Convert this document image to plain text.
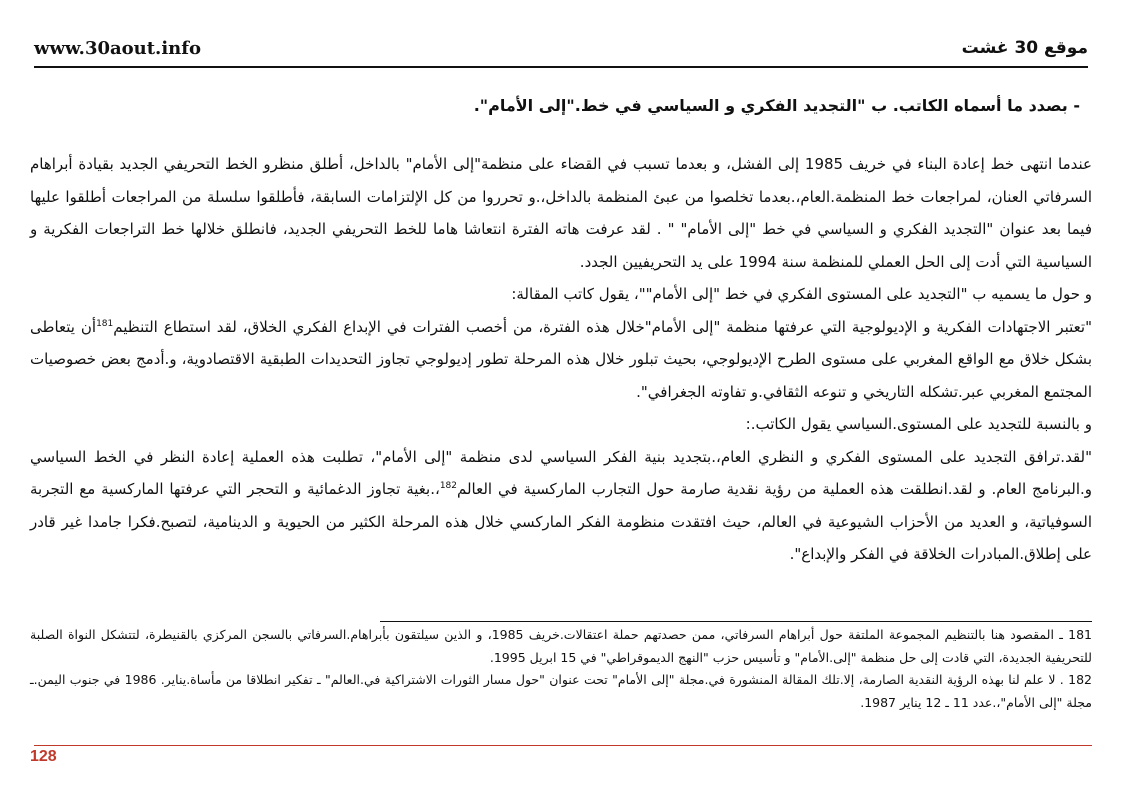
www.30aout.info	موقع 30 غشت

- بصدد ما أسماه الكاتب. ب "التجديد الفكري و السياسي في خط."إلى الأمام".

عندما انتهى خط إعادة البناء في خريف 1985 إلى الفشل، و بعدما تسبب في القضاء على منظمة"إلى الأمام" بالداخل، أطلق منظرو الخط التحريفي الجديد بقيادة أبراهام السرفاتي العنان، لمراجعات خط المنظمة.العام،.بعدما تخلصوا من عبئ المنظمة بالداخل،.و تحرروا من كل الإلتزامات السابقة، فأطلقوا سلسلة من المراجعات أطلقوا عليها فيما بعد عنوان "التجديد الفكري و السياسي في خط "إلى الأمام" " . لقد عرفت هاته الفترة انتعاشا هاما للخط التحريفي الجديد، فانطلق خلالها خط التراجعات الفكرية و السياسية التي أدت إلى الحل العملي للمنظمة سنة 1994 على يد التحريفيين الجدد.

و حول ما يسميه ب "التجديد على المستوى الفكري في خط "إلى الأمام""، يقول كاتب المقالة:

"تعتبر الاجتهادات الفكرية و الإديولوجية التي عرفتها منظمة "إلى الأمام"خلال هذه الفترة، من أخصب الفترات في الإبداع الفكري الخلاق، لقد استطاع التنظيم$^{181}$أن يتعاطى بشكل خلاق مع الواقع المغربي على مستوى الطرح الإديولوجي، بحيث تبلور خلال هذه المرحلة تطور إديولوجي تجاوز التحديدات الطبقية الاقتصادوية، و.أدمج بعض خصوصيات المجتمع المغربي عبر.تشكله التاريخي و تنوعه الثقافي.و تفاوته الجغرافي".

و بالنسبة للتجديد على المستوى.السياسي يقول الكاتب.:

"لقد.ترافق التجديد على المستوى الفكري و النظري العام،.بتجديد بنية الفكر السياسي لدى منظمة "إلى الأمام"، تطلبت هذه العملية إعادة النظر في الخط السياسي و.البرنامج العام. و لقد.انطلقت هذه العملية من رؤية نقدية صارمة حول التجارب الماركسية في العالم$^{182}$،.بغية تجاوز الدغمائية و التحجر التي عرفتها الماركسية مع التجربة السوفياتية، و العديد من الأحزاب الشيوعية في العالم، حيث افتقدت منظومة الفكر الماركسي خلال هذه المرحلة الكثير من الحيوية و الدينامية، لتصبح.فكرا جامدا غير قادر على إطلاق.المبادرات الخلاقة في الفكر والإبداع".

181 ـ المقصود هنا بالتنظيم المجموعة الملتفة حول أبراهام السرفاتي، ممن حصدتهم حملة اعتقالات.خريف 1985، و الذين سيلتقون بأبراهام.السرفاتي بالسجن المركزي بالقنيطرة، لتتشكل النواة الصلبة للتحريفية الجديدة، التي قادت إلى حل منظمة "إلى.الأمام" و تأسيس حزب "النهج الديموقراطي" في 15 ابريل 1995.

182 . لا علم لنا بهذه الرؤية النقدية الصارمة، إلا.تلك المقالة المنشورة في.مجلة "إلى الأمام" تحت عنوان "حول مسار الثورات الاشتراكية في.العالم" ـ تفكير انطلاقا من مأساة.يناير. 1986 في جنوب اليمن.ـ مجلة "إلى الأمام"،.عدد 11 ـ 12 يناير 1987.

128
